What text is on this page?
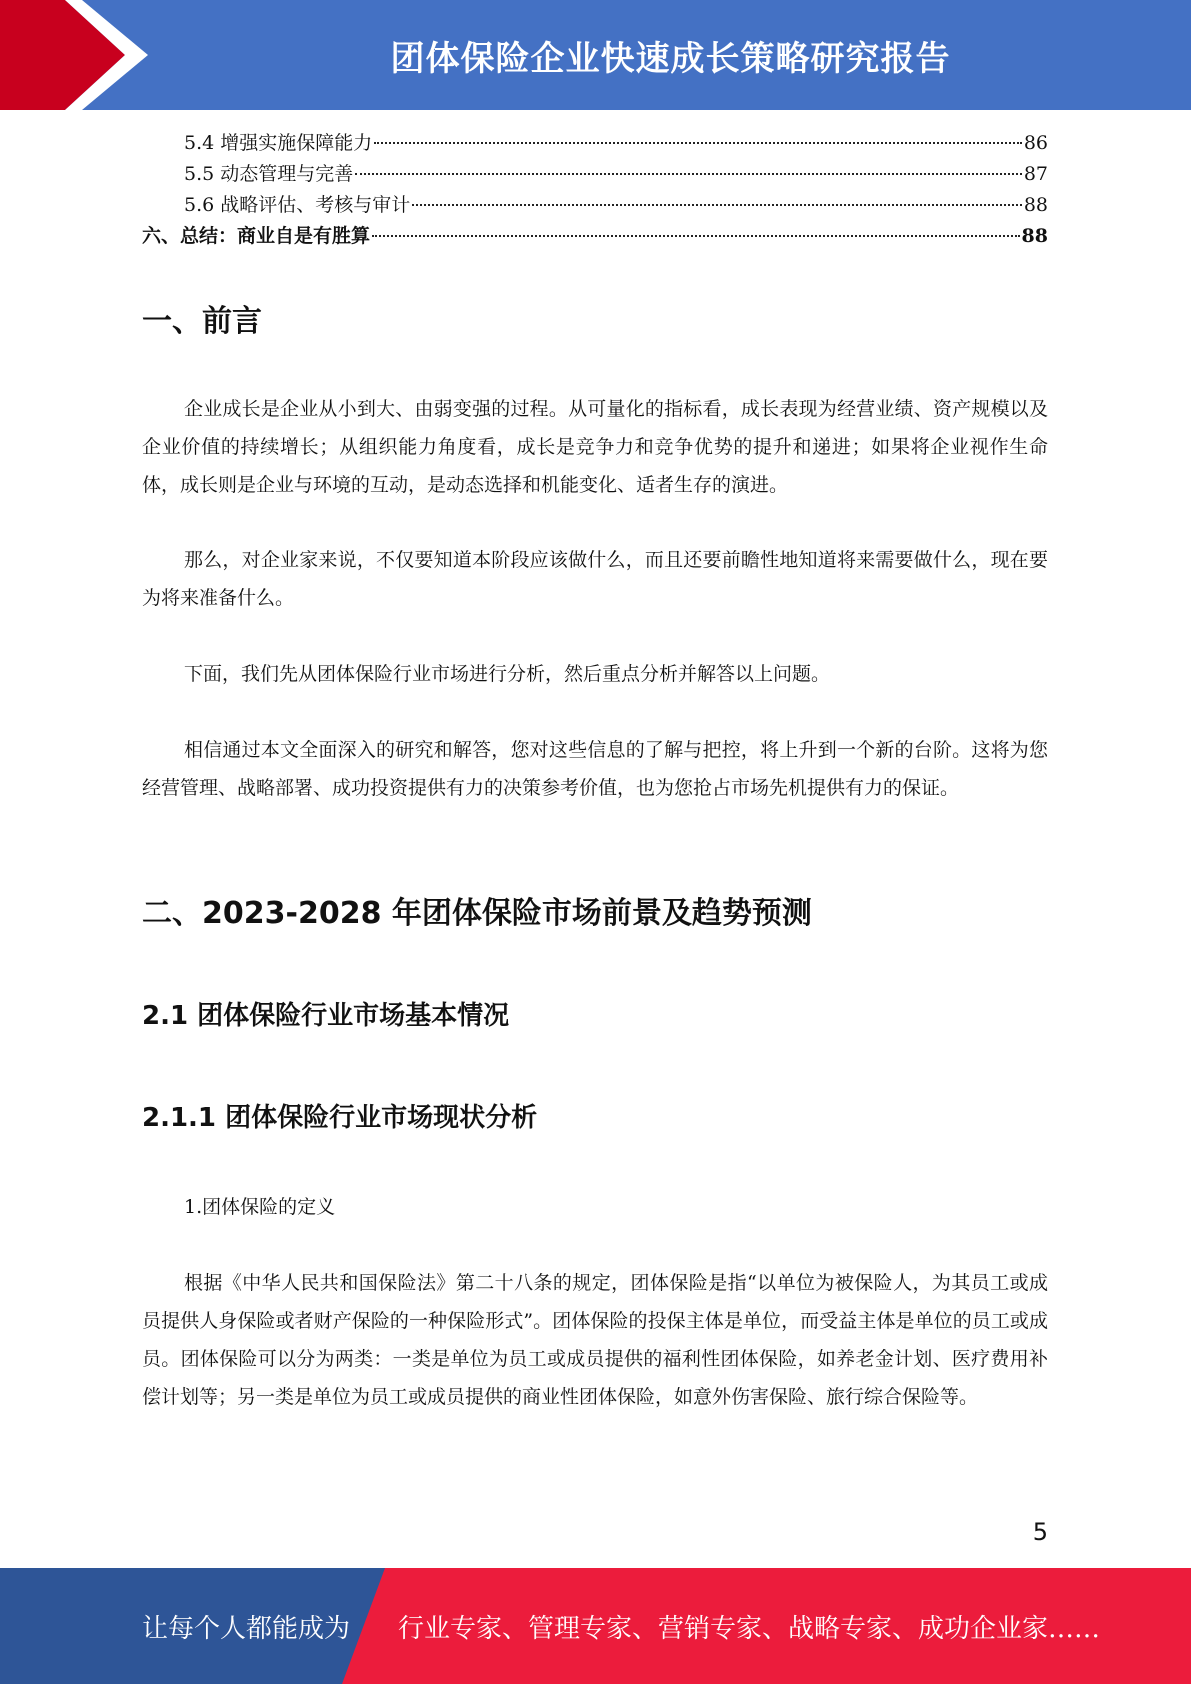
团体保险企业快速成长策略研究报告
5.4 增强实施保障能力	86
5.5 动态管理与完善	87
5.6 战略评估、考核与审计	88
六、总结：商业自是有胜算	88
一、前言

企业成长是企业从小到大、由弱变强的过程。从可量化的指标看，成长表现为经营业绩、资产规模以及企业价值的持续增长；从组织能力角度看，成长是竞争力和竞争优势的提升和递进；如果将企业视作生命体，成长则是企业与环境的互动，是动态选择和机能变化、适者生存的演进。

那么，对企业家来说，不仅要知道本阶段应该做什么，而且还要前瞻性地知道将来需要做什么，现在要为将来准备什么。

下面，我们先从团体保险行业市场进行分析，然后重点分析并解答以上问题。

相信通过本文全面深入的研究和解答，您对这些信息的了解与把控，将上升到一个新的台阶。这将为您经营管理、战略部署、成功投资提供有力的决策参考价值，也为您抢占市场先机提供有力的保证。

二、2023-2028 年团体保险市场前景及趋势预测
2.1 团体保险行业市场基本情况
2.1.1 团体保险行业市场现状分析

1.团体保险的定义

根据《中华人民共和国保险法》第二十八条的规定，团体保险是指“以单位为被保险人，为其员工或成员提供人身保险或者财产保险的一种保险形式”。团体保险的投保主体是单位，而受益主体是单位的员工或成员。团体保险可以分为两类：一类是单位为员工或成员提供的福利性团体保险，如养老金计划、医疗费用补偿计划等；另一类是单位为员工或成员提供的商业性团体保险，如意外伤害保险、旅行综合保险等。

5
让每个人都能成为 行业专家、管理专家、营销专家、战略专家、成功企业家……
